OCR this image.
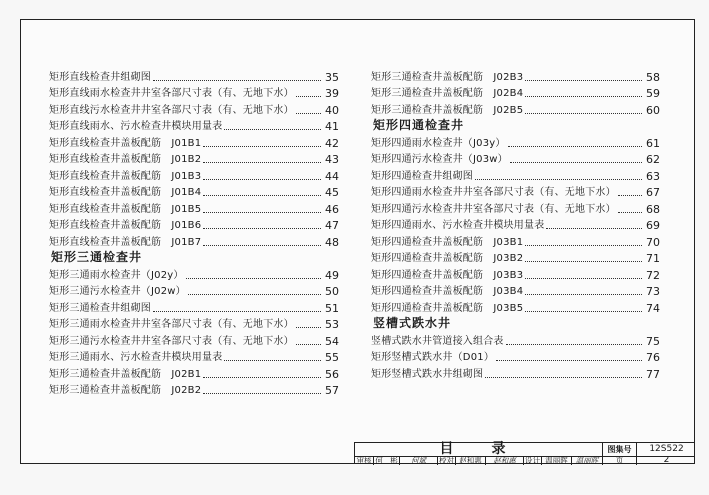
矩形直线检查井组砌图	35
矩形直线雨水检查井井室各部尺寸表（有、无地下水）	39
矩形直线污水检查井井室各部尺寸表（有、无地下水）	40
矩形直线雨水、污水检查井模块用量表	41
矩形直线检查井盖板配筋　J01B1	42
矩形直线检查井盖板配筋　J01B2	43
矩形直线检查井盖板配筋　J01B3	44
矩形直线检查井盖板配筋　J01B4	45
矩形直线检查井盖板配筋　J01B5	46
矩形直线检查井盖板配筋　J01B6	47
矩形直线检查井盖板配筋　J01B7	48
矩形三通检查井
矩形三通雨水检查井（J02y）	49
矩形三通污水检查井（J02w）	50
矩形三通检查井组砌图	51
矩形三通雨水检查井井室各部尺寸表（有、无地下水）	53
矩形三通污水检查井井室各部尺寸表（有、无地下水）	54
矩形三通雨水、污水检查井模块用量表	55
矩形三通检查井盖板配筋　J02B1	56
矩形三通检查井盖板配筋　J02B2	57
矩形三通检查井盖板配筋　J02B3	58
矩形三通检查井盖板配筋　J02B4	59
矩形三通检查井盖板配筋　J02B5	60
矩形四通检查井
矩形四通雨水检查井（J03y）	61
矩形四通污水检查井（J03w）	62
矩形四通检查井组砌图	63
矩形四通雨水检查井井室各部尺寸表（有、无地下水）	67
矩形四通污水检查井井室各部尺寸表（有、无地下水）	68
矩形四通雨水、污水检查井模块用量表	69
矩形四通检查井盖板配筋　J03B1	70
矩形四通检查井盖板配筋　J03B2	71
矩形四通检查井盖板配筋　J03B3	72
矩形四通检查井盖板配筋　J03B4	73
矩形四通检查井盖板配筋　J03B5	74
竖槽式跌水井
竖槽式跌水井管道接入组合表	75
矩形竖槽式跌水井（D01）	76
矩形竖槽式跌水井组砌图	77
目　录	图集号	12S522
审核 何　彬	何斌	校对 赵和惠	赵和惠	设计 温丽晖	温丽晖	页	2
